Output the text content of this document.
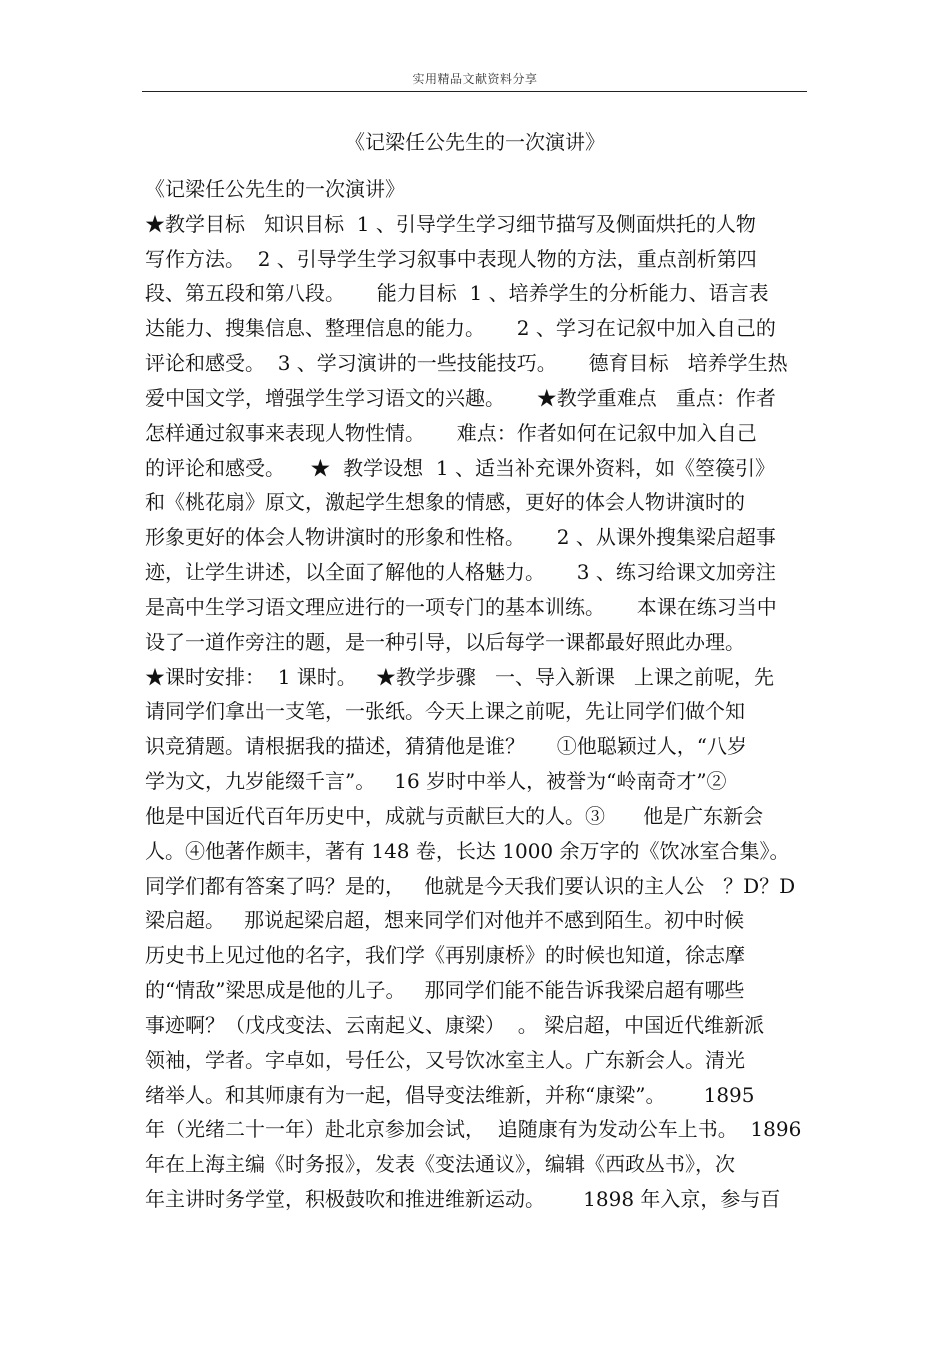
实用精品文献资料分享
《记梁任公先生的一次演讲》
《记梁任公先生的一次演讲》
★教学目标   知识目标  1 、引导学生学习细节描写及侧面烘托的人物
写作方法。  2 、引导学生学习叙事中表现人物的方法，重点剖析第四
段、第五段和第八段。     能力目标  1 、培养学生的分析能力、语言表
达能力、搜集信息、整理信息的能力。     2 、学习在记叙中加入自己的
评论和感受。  3 、学习演讲的一些技能技巧。     德育目标   培养学生热
爱中国文学，增强学生学习语文的兴趣。     ★教学重难点   重点：作者
怎样通过叙事来表现人物性情。     难点：作者如何在记叙中加入自己
的评论和感受。    ★  教学设想  1 、适当补充课外资料，如《箜篌引》
和《桃花扇》原文，激起学生想象的情感，更好的体会人物讲演时的
形象更好的体会人物讲演时的形象和性格。     2 、从课外搜集梁启超事
迹，让学生讲述，以全面了解他的人格魅力。     3 、练习给课文加旁注
是高中生学习语文理应进行的一项专门的基本训练。     本课在练习当中
设了一道作旁注的题，是一种引导，以后每学一课都最好照此办理。
★课时安排：  1 课时。   ★教学步骤   一、导入新课   上课之前呢，先
请同学们拿出一支笔，一张纸。今天上课之前呢，先让同学们做个知
识竞猜题。请根据我的描述，猜猜他是谁？     ①他聪颖过人，“八岁
学为文，九岁能缀千言”。   16 岁时中举人，被誉为“岭南奇才”②
他是中国近代百年历史中，成就与贡献巨大的人。③      他是广东新会
人。④他著作颇丰，著有 148 卷，长达 1000 余万字的《饮冰室合集》。
同学们都有答案了吗？是的，   他就是今天我们要认识的主人公   ？D？D
梁启超。   那说起梁启超，想来同学们对他并不感到陌生。初中时候
历史书上见过他的名字，我们学《再别康桥》的时候也知道，徐志摩
的“情敌”梁思成是他的儿子。   那同学们能不能告诉我梁启超有哪些
事迹啊？（戊戌变法、云南起义、康梁）  。 梁启超，中国近代维新派
领袖，学者。字卓如，号任公，又号饮冰室主人。广东新会人。清光
绪举人。和其师康有为一起，倡导变法维新，并称“康梁”。      1895
年（光绪二十一年）赴北京参加会试，  追随康有为发动公车上书。  1896
年在上海主编《时务报》，发表《变法通议》，编辑《西政丛书》，次
年主讲时务学堂，积极鼓吹和推进维新运动。      1898 年入京，参与百
